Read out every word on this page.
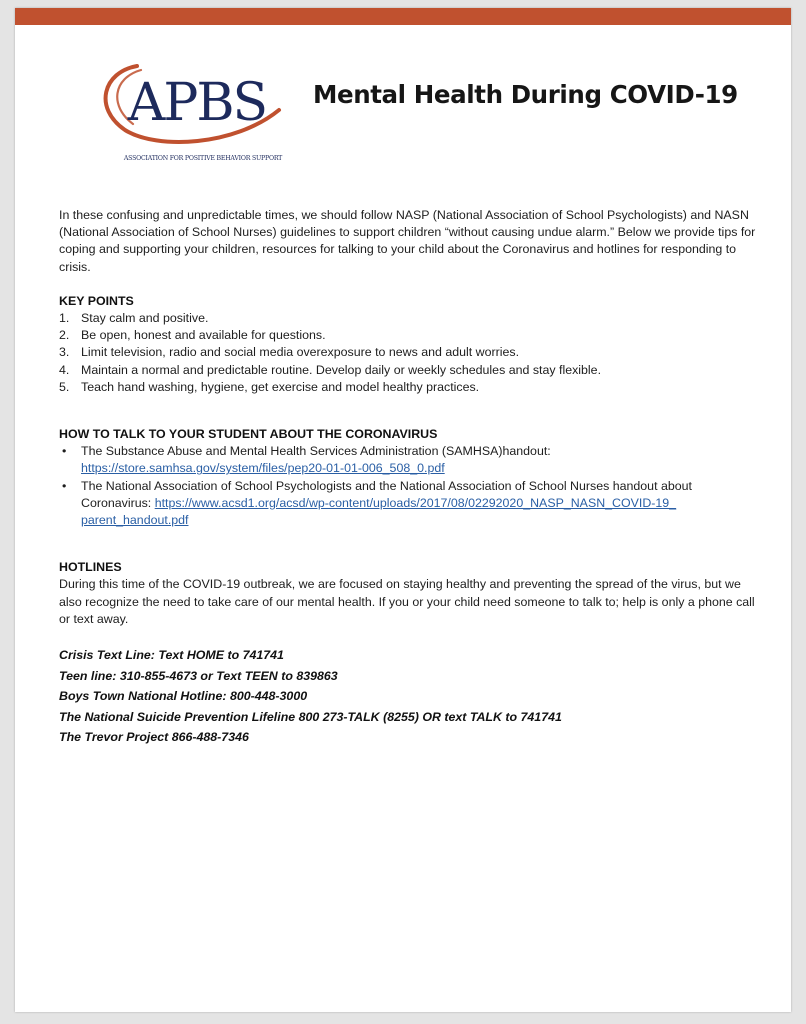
APBS
ASSOCIATION FOR POSITIVE BEHAVIOR SUPPORT
Mental Health During COVID-19

In these confusing and unpredictable times, we should follow NASP (National Association of School Psychologists) and NASN (National Association of School Nurses) guidelines to support children “without causing undue alarm.” Below we provide tips for coping and supporting your children, resources for talking to your child about the Coronavirus and hotlines for responding to crisis.

KEY POINTS
1. Stay calm and positive.
2. Be open, honest and available for questions.
3. Limit television, radio and social media overexposure to news and adult worries.
4. Maintain a normal and predictable routine. Develop daily or weekly schedules and stay flexible.
5. Teach hand washing, hygiene, get exercise and model healthy practices.
HOW TO TALK TO YOUR STUDENT ABOUT THE CORONAVIRUS
• The Substance Abuse and Mental Health Services Administration (SAMHSA)handout:
https://store.samhsa.gov/system/files/pep20-01-01-006_508_0.pdf
• The National Association of School Psychologists and the National Association of School Nurses handout about Coronavirus: https://www.acsd1.org/acsd/wp-content/uploads/2017/08/02292020_NASP_NASN_COVID-19_ parent_handout.pdf
HOTLINES

During this time of the COVID-19 outbreak, we are focused on staying healthy and preventing the spread of the virus, but we also recognize the need to take care of our mental health. If you or your child need someone to talk to; help is only a phone call or text away.

Crisis Text Line: Text HOME to 741741
Teen line: 310-855-4673 or Text TEEN to 839863
Boys Town National Hotline: 800-448-3000
The National Suicide Prevention Lifeline 800 273-TALK (8255) OR text TALK to 741741
The Trevor Project 866-488-7346
